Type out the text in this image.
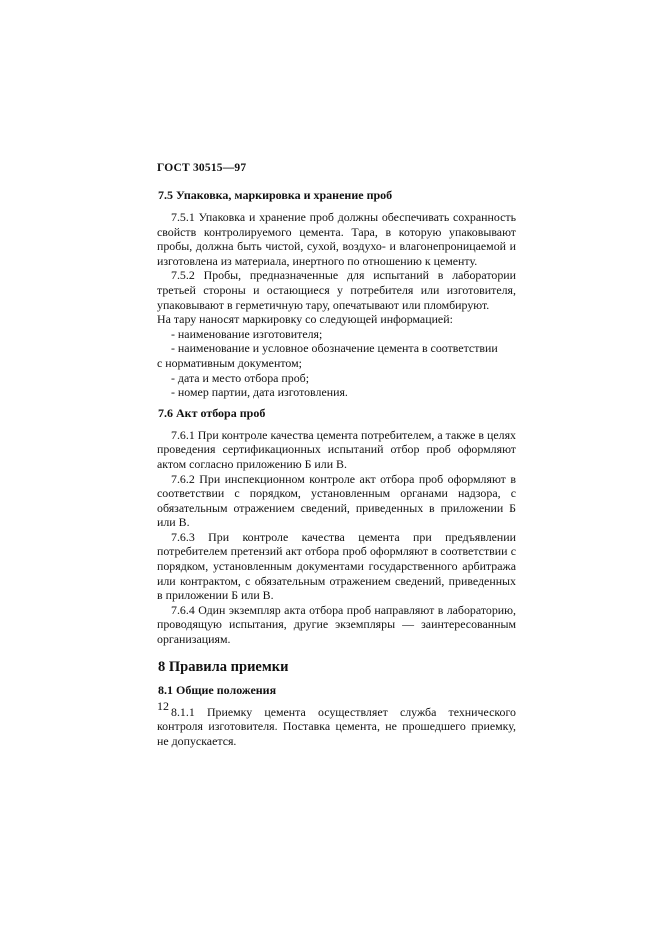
ГОСТ 30515—97
7.5 Упаковка, маркировка и хранение проб

7.5.1 Упаковка и хранение проб должны обеспечивать сохранность свойств контролируемого цемента. Тара, в которую упаковывают пробы, должна быть чистой, сухой, воздухо- и влагонепроницаемой и изготовлена из материала, инертного по отношению к цементу.

7.5.2 Пробы, предназначенные для испытаний в лаборатории третьей стороны и остающиеся у потребителя или изготовителя, упаковывают в герметичную тару, опечатывают или пломбируют.

На тару наносят маркировку со следующей информацией:
- наименование изготовителя;
- наименование и условное обозначение цемента в соответствии
с нормативным документом;
- дата и место отбора проб;
- номер партии, дата изготовления.
7.6 Акт отбора проб

7.6.1 При контроле качества цемента потребителем, а также в целях проведения сертификационных испытаний отбор проб оформляют актом согласно приложению Б или В.

7.6.2 При инспекционном контроле акт отбора проб оформляют в соответствии с порядком, установленным органами надзора, с обязательным отражением сведений, приведенных в приложении Б или В.

7.6.3 При контроле качества цемента при предъявлении потребителем претензий акт отбора проб оформляют в соответствии с порядком, установленным документами государственного арбитража или контрактом, с обязательным отражением сведений, приведенных в приложении Б или В.

7.6.4 Один экземпляр акта отбора проб направляют в лабораторию, проводящую испытания, другие экземпляры — заинтересованным организациям.

8 Правила приемки
8.1 Общие положения

8.1.1 Приемку цемента осуществляет служба технического контроля изготовителя. Поставка цемента, не прошедшего приемку, не допускается.

12
